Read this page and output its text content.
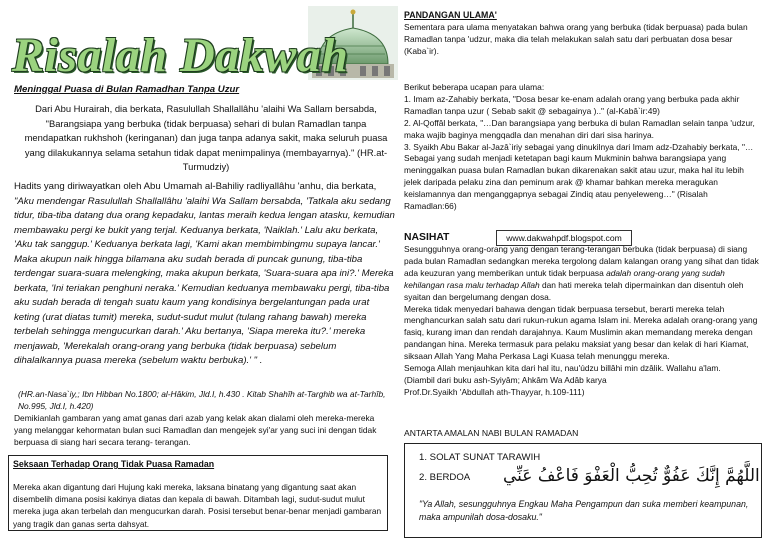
Risalah Dakwah
Meninggal Puasa di Bulan Ramadhan Tanpa Uzur

Dari Abu Hurairah, dia berkata, Rasulullah Shallallâhu 'alaihi Wa Sallam bersabda, "Barangsiapa yang berbuka (tidak berpuasa) sehari di bulan Ramadlan tanpa mendapatkan rukhshoh (keringanan) dan juga tanpa adanya sakit, maka seluruh puasa yang dilakukannya selama setahun tidak dapat menimpalinya (membayarnya)." (HR.at-Turmudziy)

Hadits yang diriwayatkan oleh Abu Umamah al-Bahiliy radliyallâhu 'anhu, dia berkata, "Aku mendengar Rasulullah Shallallâhu 'alaihi Wa Sallam bersabda, 'Tatkala aku sedang tidur, tiba-tiba datang dua orang kepadaku, lantas meraih kedua lengan atasku, kemudian membawaku pergi ke bukit yang terjal. Keduanya berkata, 'Naiklah.' Lalu aku berkata, 'Aku tak sanggup.' Keduanya berkata lagi, 'Kami akan membimbingmu supaya lancar.' Maka akupun naik hingga bilamana aku sudah berada di puncak gunung, tiba-tiba terdengar suara-suara melengking, maka akupun berkata, 'Suara-suara apa ini?.' Mereka berkata, 'Ini teriakan penghuni neraka.' Kemudian keduanya membawaku pergi, tiba-tiba aku sudah berada di tengah suatu kaum yang kondisinya bergelantungan pada urat keting (urat diatas tumit) mereka, sudut-sudut mulut (tulang rahang bawah) mereka terbelah sehingga mengucurkan darah.' Aku bertanya, 'Siapa mereka itu?.' mereka menjawab, 'Merekalah orang-orang yang berbuka (tidak berpuasa) sebelum dihalalkannya puasa mereka (sebelum waktu berbuka).' " .

(HR.an-Nasa`iy,; Ibn Hibban No.1800; al-Hâkim, Jld.I, h.430 . Kitab Shahîh at-Targhib wa at-Tarhîb, No.995, Jld.I, h.420)

Demikianlah gambaran yang amat ganas dari azab yang kelak akan dialami oleh mereka-mereka yang melanggar kehormatan bulan suci Ramadlan dan mengejek syi'ar yang suci ini dengan tidak berpuasa di siang hari secara terang- terangan.

Seksaan Terhadap Orang Tidak Puasa Ramadan

Mereka akan digantung dari Hujung kaki mereka, laksana binatang yang digantung saat akan disembelih dimana posisi kakinya diatas dan kepala di bawah. Ditambah lagi, sudut-sudut mulut mereka juga akan terbelah dan mengucurkan darah. Posisi tersebut benar-benar menjadi gambaran yang tragik dan ganas serta dahsyat.

PANDANGAN ULAMA'

Sementara para ulama menyatakan bahwa orang yang berbuka (tidak berpuasa) pada bulan Ramadlan tanpa 'udzur, maka dia telah melakukan salah satu dari perbuatan dosa besar (Kaba`ir).

Berikut beberapa ucapan para ulama:

1. Imam az-Zahabiy berkata, "Dosa besar ke-enam adalah orang yang berbuka pada akhir Ramadlan tanpa uzur ( Sebab sakit @ sebagainya ).." (al-Kabâ`ir:49)

2. Al-Qoffâl berkata, "…Dan barangsiapa yang berbuka di bulan Ramadlan selain tanpa 'udzur, maka wajib baginya mengqadla dan menahan diri dari sisa harinya.

3. Syaikh Abu Bakar al-Jazâ`iriy sebagai yang dinukilnya dari Imam adz-Dzahabiy berkata, "…Sebagai yang sudah menjadi ketetapan bagi kaum Mukminin bahwa barangsiapa yang meninggalkan puasa bulan Ramadlan bukan dikarenakan sakit atau uzur, maka hal itu lebih jelek daripada pelaku zina dan peminum arak @ khamar bahkan mereka meragukan keislamannya dan menganggapnya sebagai Zindiq atau penyeleweng…" (Risalah Ramadlan:66)

NASIHAT	www.dakwahpdf.blogspot.com

Sesungguhnya orang-orang yang dengan terang-terangan berbuka (tidak berpuasa) di siang pada bulan Ramadlan sedangkan mereka tergolong dalam kalangan orang yang sihat dan tidak ada keuzuran yang memberikan untuk tidak berpuasa adalah orang-orang yang sudah kehilangan rasa malu terhadap Allah dan hati mereka telah dipermainkan dan disentuh oleh syaitan dan bergelumang dengan dosa.

Mereka tidak menyedari bahawa dengan tidak berpuasa tersebut, berarti mereka telah menghancurkan salah satu dari rukun-rukun agama Islam ini. Mereka adalah orang-orang yang fasiq, kurang iman dan rendah darajahnya. Kaum Muslimin akan memandang mereka dengan pandangan hina. Mereka termasuk para pelaku maksiat yang besar dan kelak di hari Kiamat, siksaan Allah Yang Maha Perkasa Lagi Kuasa telah menunggu mereka.

Semoga Allah menjauhkan kita dari hal itu, nau'údzu billâhi min dzâlik. Wallahu a'lam.

(Diambil dari buku ash-Syiyâm; Ahkâm Wa Adâb karya

Prof.Dr.Syaikh 'Abdullah ath-Thayyar, h.109-111)

ANTARTA AMALAN NABI BULAN RAMADAN
1. SOLAT SUNAT TARAWIH
2. BERDOA اللَّهُمَّ إِنَّكَ عَفُوٌّ تُحِبُّ الْعَفْوَ فَاعْفُ عَنِّي

"Ya Allah, sesungguhnya Engkau Maha Pengampun dan suka memberi keampunan, maka ampunilah dosa-dosaku."
